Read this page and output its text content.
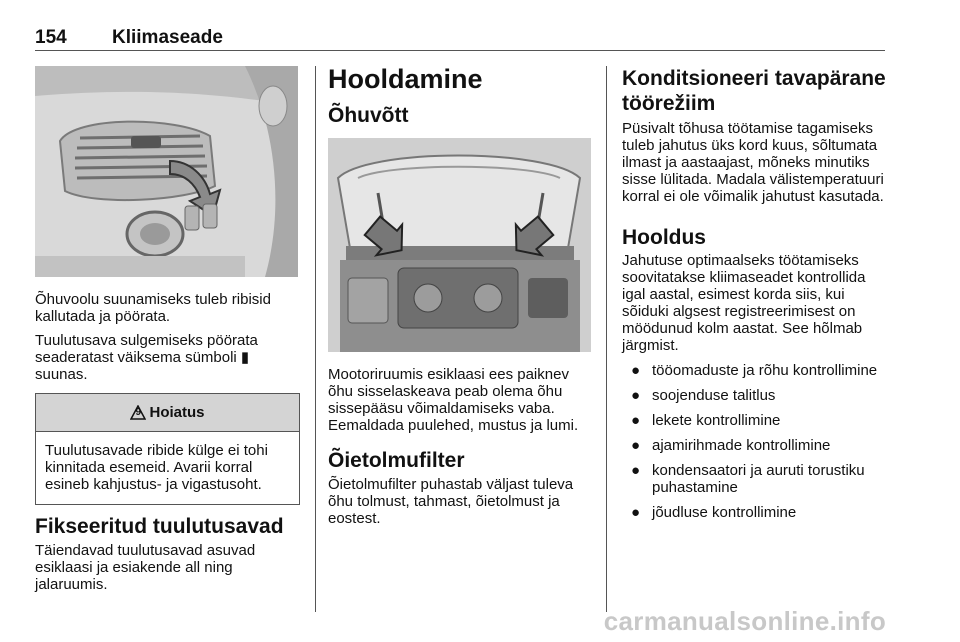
154 Kliimaseade

Õhuvoolu suunamiseks tuleb ribisid kallutada ja pöörata.

Tuulutusava sulgemiseks pöörata seaderatast väiksema sümboli ▮ suunas.

9 Hoiatus
Tuulutusavade ribide külge ei tohi kinnitada esemeid. Avarii korral esineb kahjustus- ja vigastusoht.
Fikseeritud tuulutusavad

Täiendavad tuulutusavad asuvad esiklaasi ja esiakende all ning jalaruumis.

Hooldamine
Õhuvõtt

Mootoriruumis esiklaasi ees paiknev õhu sisselaskeava peab olema õhu sissepääsu võimaldamiseks vaba. Eemaldada puulehed, mustus ja lumi.

Õietolmufilter

Õietolmufilter puhastab väljast tuleva õhu tolmust, tahmast, õietolmust ja eostest.

Konditsioneeri tavapärane töörežiim

Püsivalt tõhusa töötamise tagamiseks tuleb jahutus üks kord kuus, sõltumata ilmast ja aastaajast, mõneks minutiks sisse lülitada. Madala välistemperatuuri korral ei ole võimalik jahutust kasutada.

Hooldus

Jahutuse optimaalseks töötamiseks soovitatakse kliimaseadet kontrollida igal aastal, esimest korda siis, kui sõiduki algsest registreerimisest on möödunud kolm aastat. See hõlmab järgmist.

● tööomaduste ja rõhu kontrollimine
● soojenduse talitlus
● lekete kontrollimine
● ajamirihmade kontrollimine
● kondensaatori ja auruti torustiku puhastamine
● jõudluse kontrollimine
carmanualsonline.info
